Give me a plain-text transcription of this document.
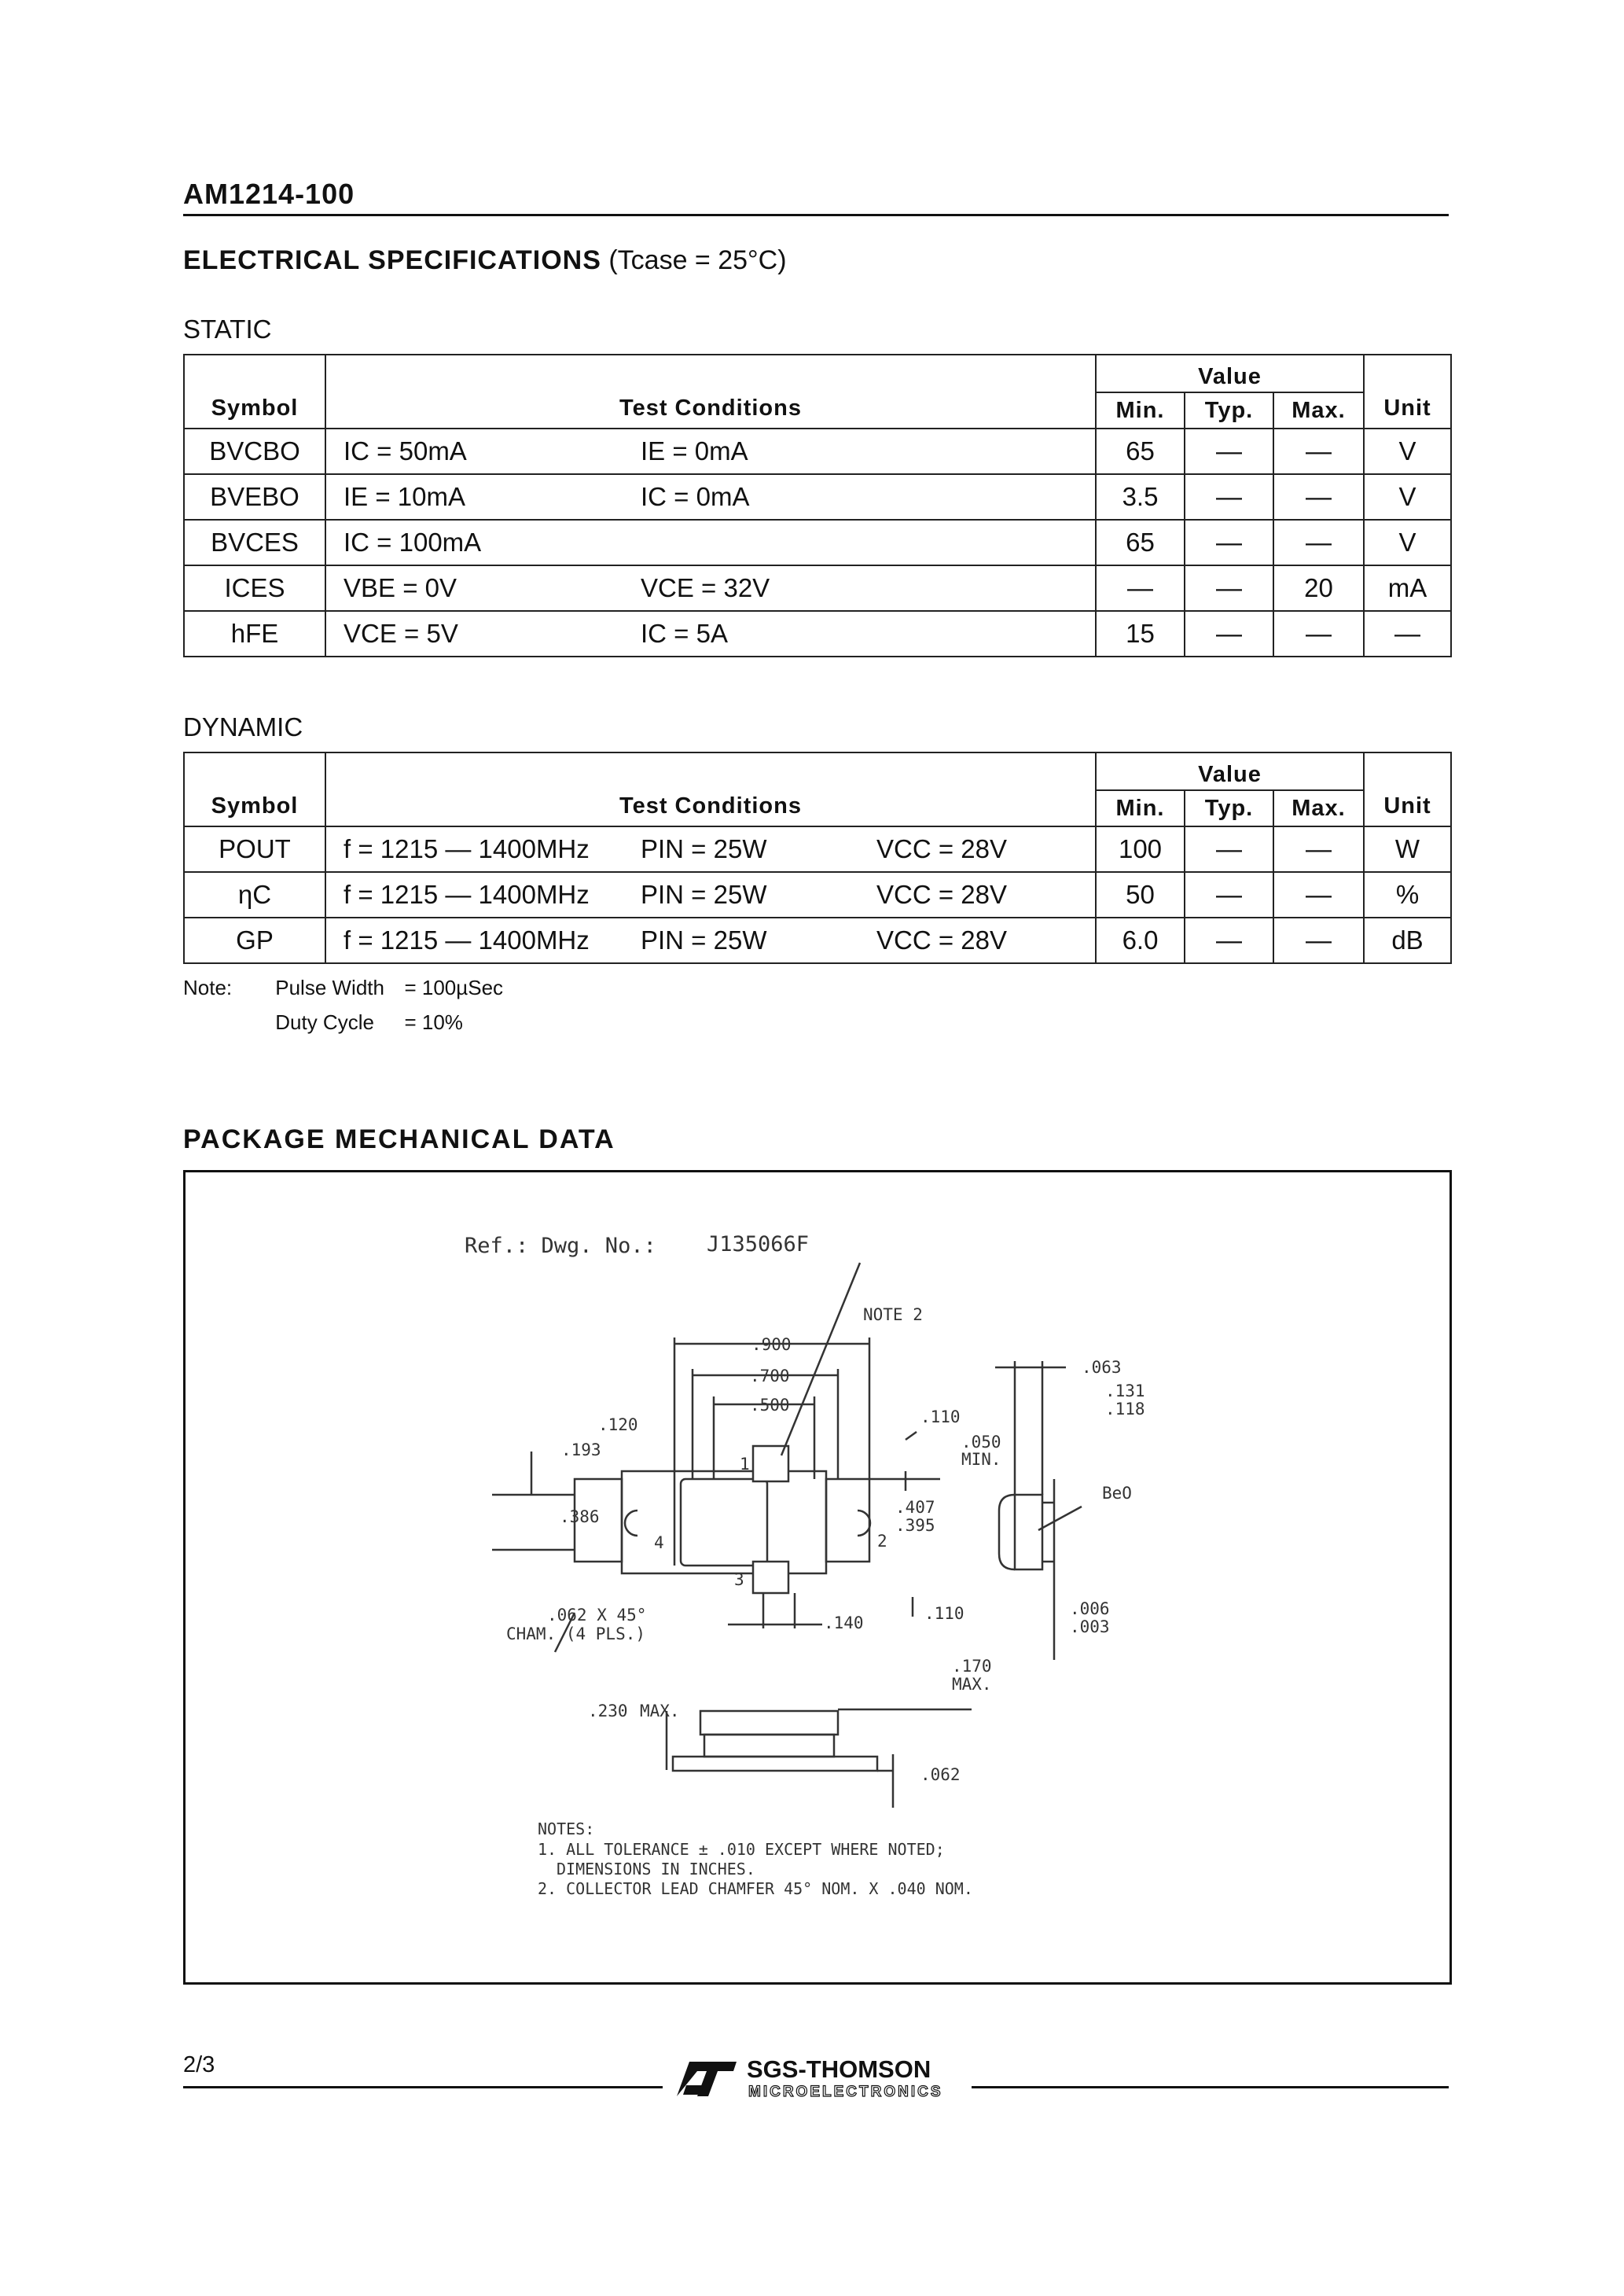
AM1214-100
ELECTRICAL SPECIFICATIONS (Tcase = 25°C)
STATIC
Symbol	Test Conditions	Value			Unit
		Min.	Typ.	Max.	
BVCBO	IC = 50mA IE = 0mA	65	—	—	V
BVEBO	IE = 10mA IC = 0mA	3.5	—	—	V
BVCES	IC = 100mA	65	—	—	V
ICES	VBE = 0V VCE = 32V	—	—	20	mA
hFE	VCE = 5V IC = 5A	15	—	—	—
DYNAMIC
Symbol	Test Conditions	Value			Unit
		Min.	Typ.	Max.	
POUT	f = 1215 — 1400MHz PIN = 25W VCC = 28V	100	—	—	W
ηC	f = 1215 — 1400MHz PIN = 25W VCC = 28V	50	—	—	%
GP	f = 1215 — 1400MHz PIN = 25W VCC = 28V	6.0	—	—	dB
Note: Pulse Width = 100µSec
Duty Cycle = 10%
PACKAGE MECHANICAL DATA
Ref.: Dwg. No.: J135066F
NOTE 2
.900
.700
.500
.110
.050
MIN.
.120
.193
.386	.407
.395
.062 X 45°
CHAM. (4 PLS.)
.140	.110
.063
.131
.118
BeO
.006
.003
.170
MAX.
.230 MAX.
.062
1
2
3
4
NOTES:
1. ALL TOLERANCE ± .010 EXCEPT WHERE NOTED;
DIMENSIONS IN INCHES.
2. COLLECTOR LEAD CHAMFER 45° NOM. X .040 NOM.
2/3	SGS-THOMSON
MICROELECTRONICS
